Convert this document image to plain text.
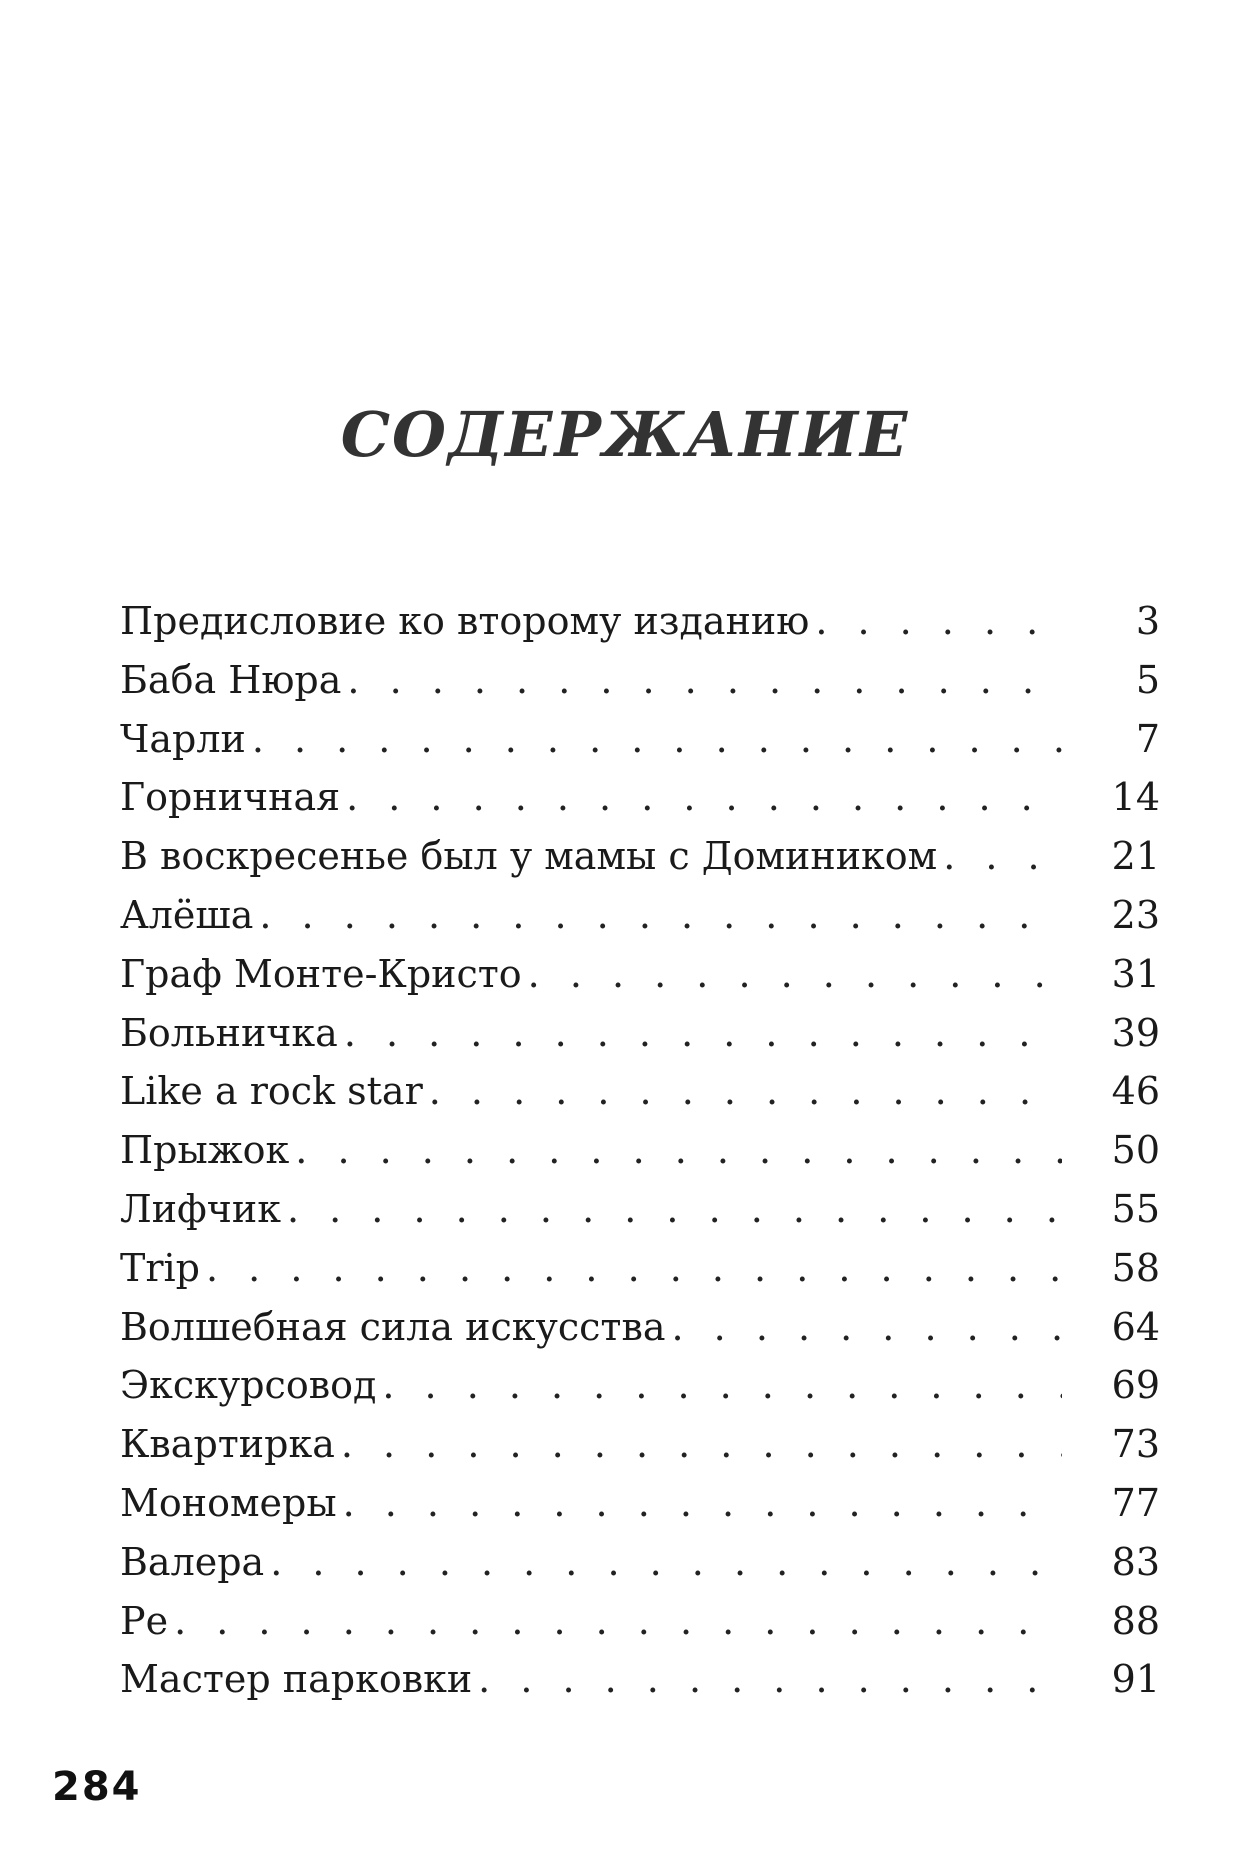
СОДЕРЖАНИЕ
Предисловие ко второму изданию . . .	3
Баба Нюра . . .	5
Чарли . . .	7
Горничная . . .	14
В воскресенье был у мамы с Домиником . . .	21
Алёша . . .	23
Граф Монте-Кристо . . .	31
Больничка . . .	39
Like a rock star . . .	46
Прыжок . . .	50
Лифчик . . .	55
Trip . . .	58
Волшебная сила искусства . . .	64
Экскурсовод . . .	69
Квартирка . . .	73
Мономеры . . .	77
Валера . . .	83
Ре . . .	88
Мастер парковки . . .	91
284
